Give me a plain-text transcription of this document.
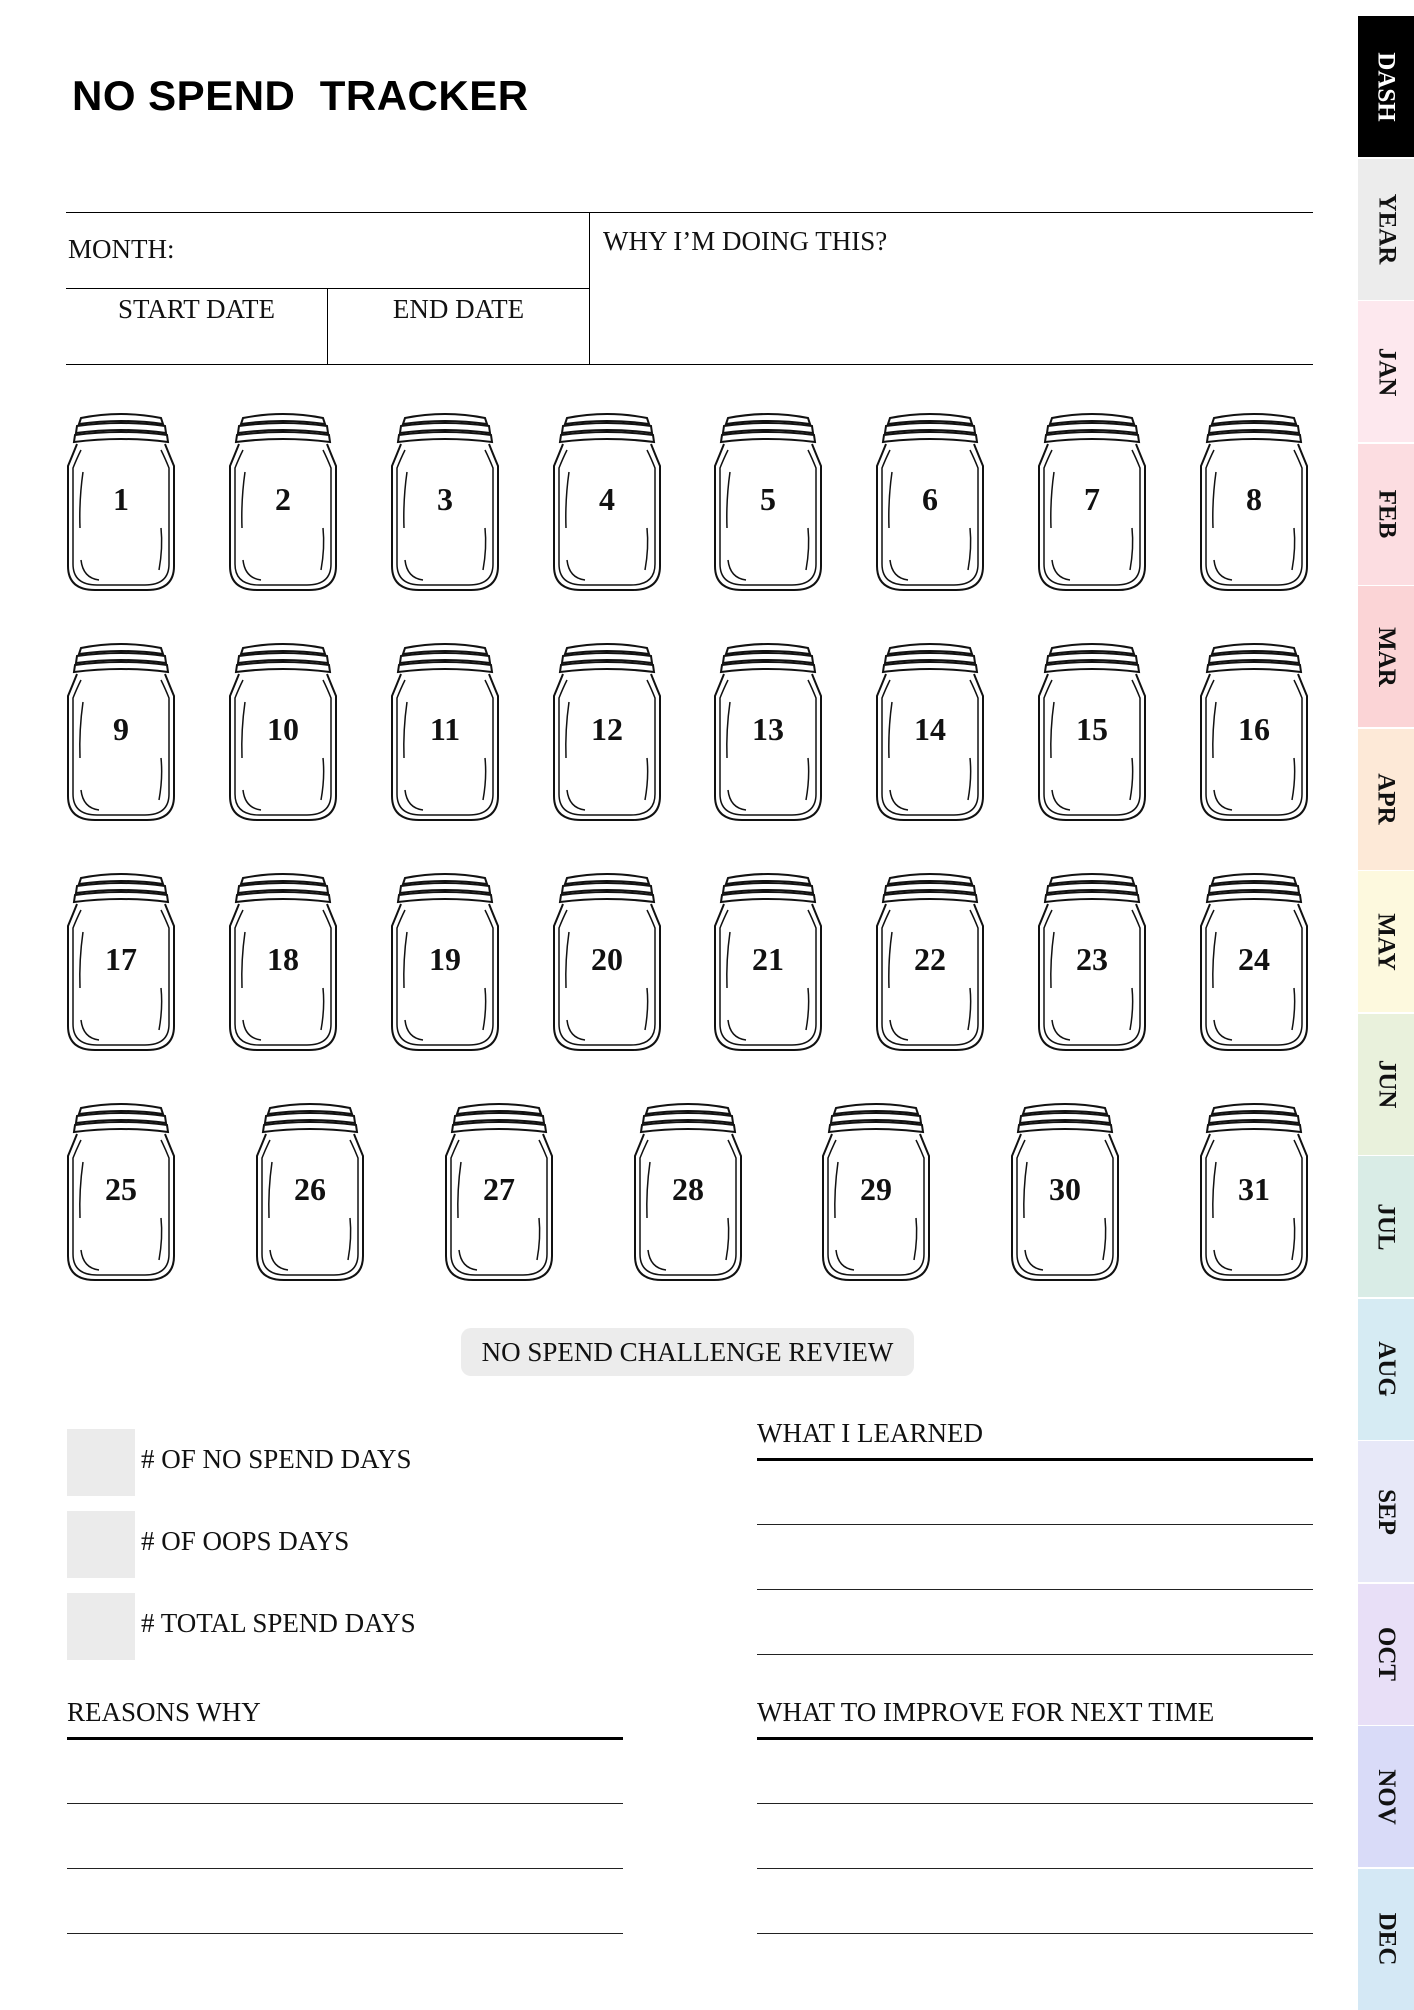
NO SPEND  TRACKER
MONTH:
START DATE	END DATE
WHY I’M DOING THIS?
1	2	3	4	5	6	7	8
9	10	11	12	13	14	15	16
17	18	19	20	21	22	23	24
25	26	27	28	29	30	31
NO SPEND CHALLENGE REVIEW
# OF NO SPEND DAYS
# OF OOPS DAYS
# TOTAL SPEND DAYS
WHAT I LEARNED
REASONS WHY	WHAT TO IMPROVE FOR NEXT TIME
DASH
YEAR
JAN
FEB
MAR
APR
MAY
JUN
JUL
AUG
SEP
OCT
NOV
DEC
